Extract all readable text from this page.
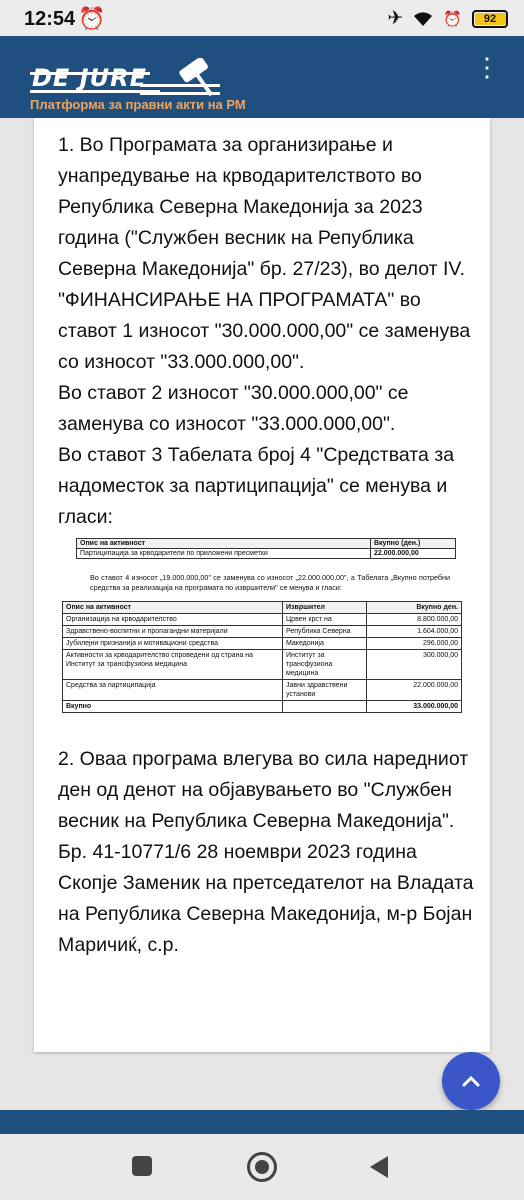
12:54 ⏰	✈	⏰	92
DE JURE
Платформа за правни акти на РМ
⋮
1. Во Програмата за организирање и унапредување на крводарителството во Република Северна Македонија за 2023 година ("Службен весник на Република Северна Македонија" бр. 27/23), во делот IV. "ФИНАНСИРАЊЕ НА ПРОГРАМАТА" во ставот 1 износот "30.000.000,00" се заменува со износот "33.000.000,00".
Во ставот 2 износот "30.000.000,00" се заменува со износот "33.000.000,00".
Во ставот 3 Табелата број 4 "Средствата за надоместок за партиципација" се менува и гласи:
Опис на активност	Вкупно (ден.)
Партиципација за крводарители по приложени пресметки	22.000.000,00
Во ставот 4 износот „19.000.000,00" се заменува со износот „22.000.000,00", а Табелата „Вкупно потребни средства за реализација на програмата по извршители" се менува и гласи:
Опис на активност	Извршител	Вкупно ден.
Организација на крводарителство	Црвен крст на	8.800.000,00
Здравствено-воспитни и пропагандни материјали	Република Северна	1.604.000,00
Јубилејни признанија и мотивациони средства	Македонија	296.000,00
Активности за крводарителство спроведени од страна на Институт за трансфузиона медицина	Институт за трансфузиона медицина	300.000,00
Средства за партиципација	Јавни здравствени установи	22.000.000,00
Вкупно		33.000.000,00
2. Оваа програма влегува во сила наредниот ден од денот на објавувањето во "Службен весник на Република Северна Македонија".
Бр. 41-10771/6 28 ноември 2023 година
Скопје Заменик на претседателот на Владата на Република Северна Македонија, м-р Бојан Маричиќ, с.р.
